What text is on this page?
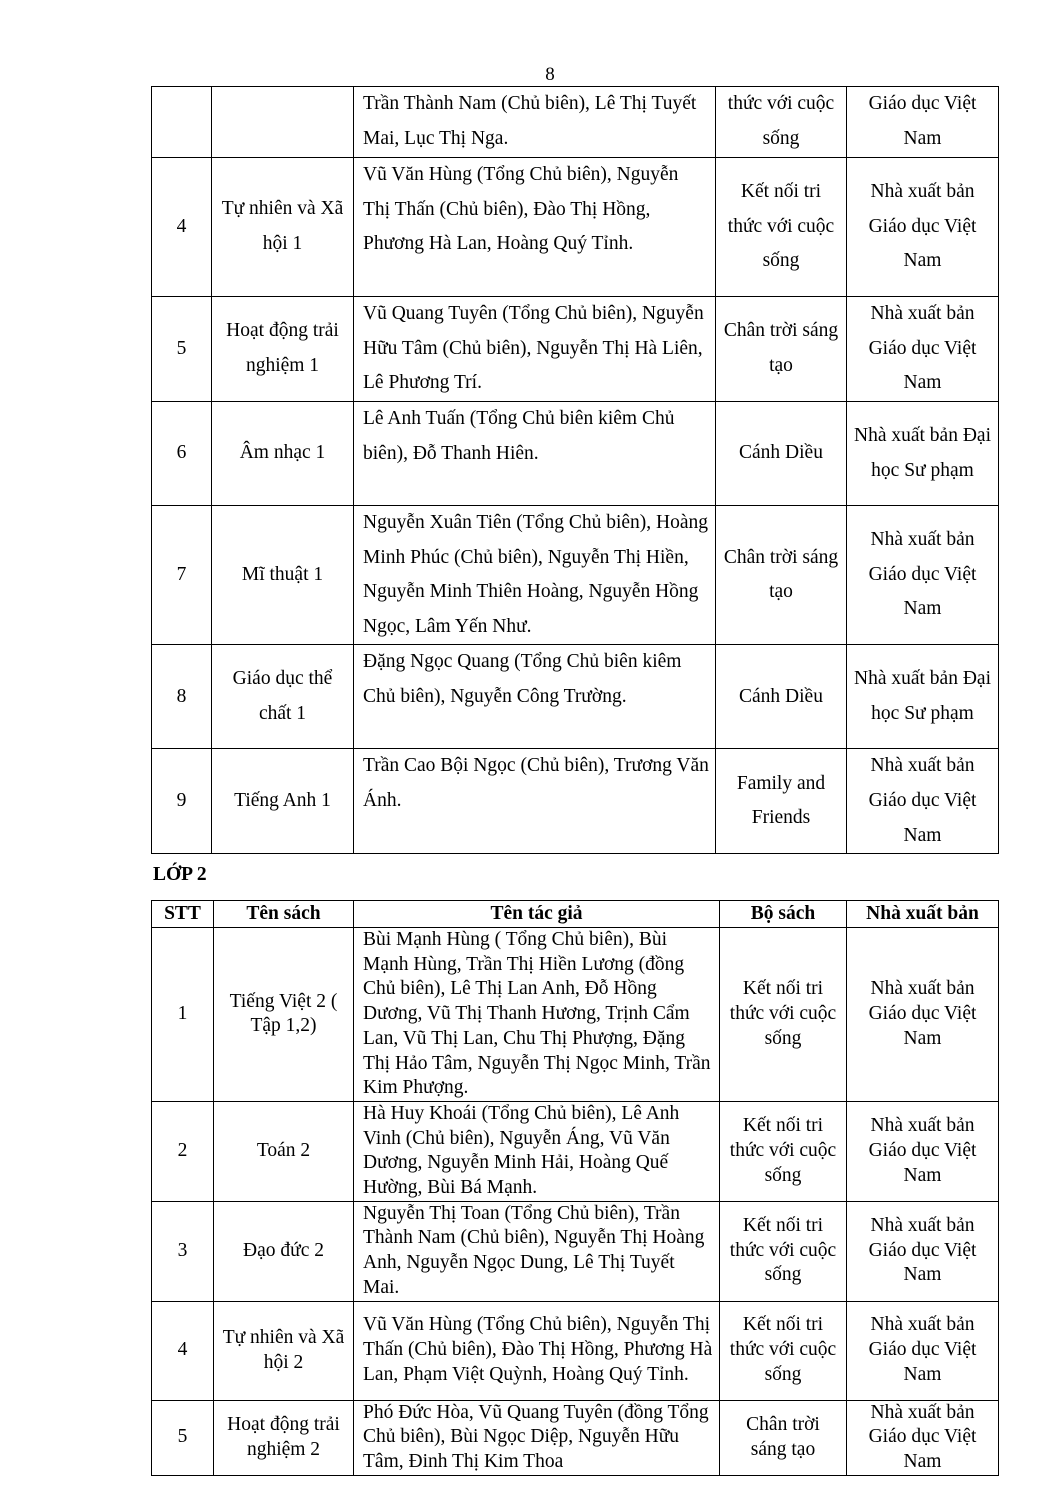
8
		Trần Thành Nam (Chủ biên), Lê Thị Tuyết Mai, Lục Thị Nga.	thức với cuộc sống	Giáo dục Việt Nam
4	Tự nhiên và Xã hội 1	Vũ Văn Hùng (Tổng Chủ biên), Nguyễn Thị Thấn (Chủ biên), Đào Thị Hồng, Phương Hà Lan, Hoàng Quý Tỉnh.	Kết nối tri thức với cuộc sống	Nhà xuất bản Giáo dục Việt Nam
5	Hoạt động trải nghiệm 1	Vũ Quang Tuyên (Tổng Chủ biên), Nguyễn Hữu Tâm (Chủ biên), Nguyễn Thị Hà Liên, Lê Phương Trí.	Chân trời sáng tạo	Nhà xuất bản Giáo dục Việt Nam
6	Âm nhạc 1	Lê Anh Tuấn (Tổng Chủ biên kiêm Chủ biên), Đỗ Thanh Hiên.	Cánh Diều	Nhà xuất bản Đại học Sư phạm
7	Mĩ thuật 1	Nguyễn Xuân Tiên (Tổng Chủ biên), Hoàng Minh Phúc (Chủ biên), Nguyễn Thị Hiền, Nguyễn Minh Thiên Hoàng, Nguyễn Hồng Ngọc, Lâm Yến Như.	Chân trời sáng tạo	Nhà xuất bản Giáo dục Việt Nam
8	Giáo dục thể chất 1	Đặng Ngọc Quang (Tổng Chủ biên kiêm Chủ biên), Nguyễn Công Trường.	Cánh Diều	Nhà xuất bản Đại học Sư phạm
9	Tiếng Anh 1	Trần Cao Bội Ngọc (Chủ biên), Trương Văn Ánh.	Family and Friends	Nhà xuất bản Giáo dục Việt Nam
LỚP 2
STT	Tên sách	Tên tác giả	Bộ sách	Nhà xuất bản
1	Tiếng Việt 2 ( Tập 1,2)	Bùi Mạnh Hùng ( Tổng Chủ biên), Bùi Mạnh Hùng, Trần Thị Hiền Lương (đồng Chủ biên), Lê Thị Lan Anh, Đỗ Hồng Dương, Vũ Thị Thanh Hương, Trịnh Cẩm Lan, Vũ Thị Lan, Chu Thị Phượng, Đặng Thị Hảo Tâm, Nguyễn Thị Ngọc Minh, Trần Kim Phượng.	Kết nối tri thức với cuộc sống	Nhà xuất bản Giáo dục Việt Nam
2	Toán 2	Hà Huy Khoái (Tổng Chủ biên), Lê Anh Vinh (Chủ biên), Nguyễn Áng, Vũ Văn Dương, Nguyễn Minh Hải, Hoàng Quế Hường, Bùi Bá Mạnh.	Kết nối tri thức với cuộc sống	Nhà xuất bản Giáo dục Việt Nam
3	Đạo đức 2	Nguyễn Thị Toan (Tổng Chủ biên), Trần Thành Nam (Chủ biên), Nguyễn Thị Hoàng Anh, Nguyễn Ngọc Dung, Lê Thị Tuyết Mai.	Kết nối tri thức với cuộc sống	Nhà xuất bản Giáo dục Việt Nam
4	Tự nhiên và Xã hội 2	Vũ Văn Hùng (Tổng Chủ biên), Nguyễn Thị Thấn (Chủ biên), Đào Thị Hồng, Phương Hà Lan, Phạm Việt Quỳnh, Hoàng Quý Tỉnh.	Kết nối tri thức với cuộc sống	Nhà xuất bản Giáo dục Việt Nam
5	Hoạt động trải nghiệm 2	Phó Đức Hòa, Vũ Quang Tuyên (đồng Tổng Chủ biên), Bùi Ngọc Diệp, Nguyễn Hữu Tâm, Đinh Thị Kim Thoa	Chân trời sáng tạo	Nhà xuất bản Giáo dục Việt Nam
